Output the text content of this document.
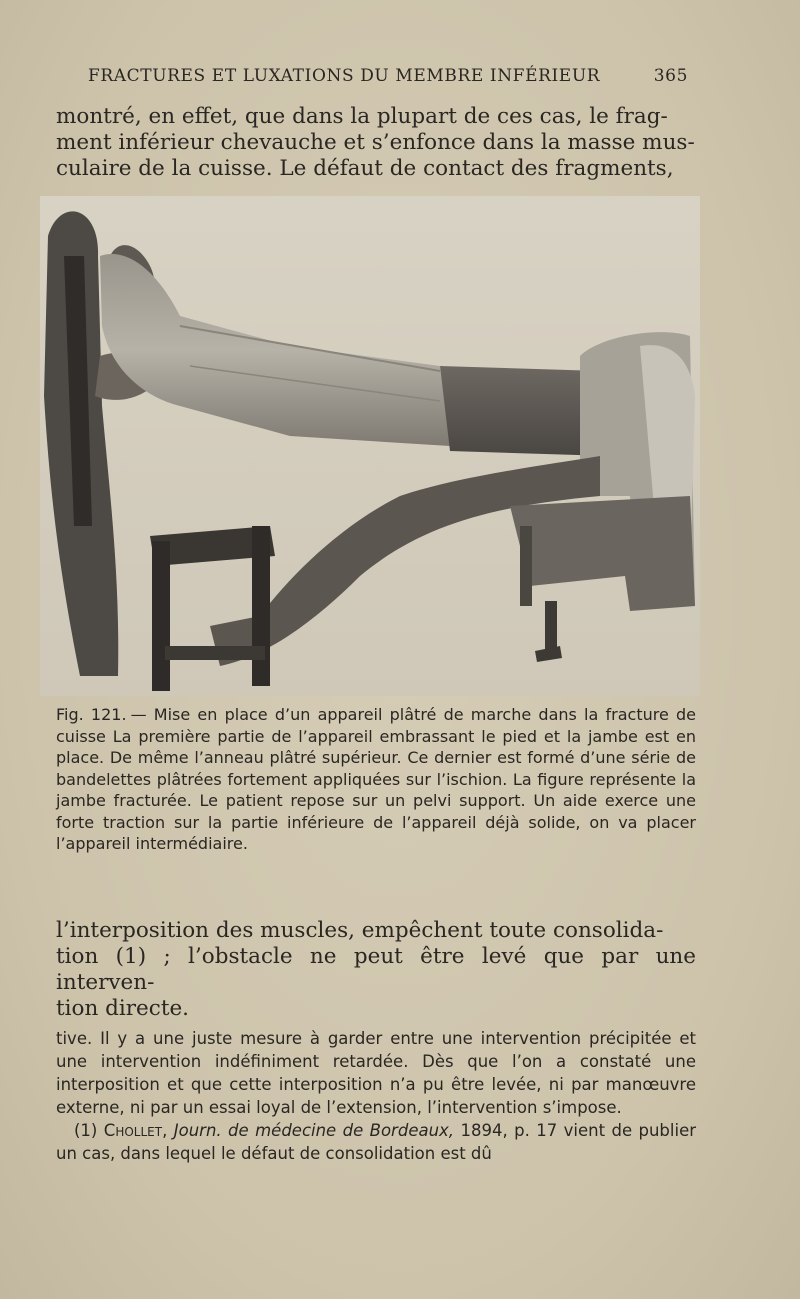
FRACTURES ET LUXATIONS DU MEMBRE INFÉRIEUR	365
montré, en effet, que dans la plupart de ces cas, le frag-
ment inférieur chevauche et s’enfonce dans la masse mus-
culaire de la cuisse. Le défaut de contact des fragments,
Fig. 121. — Mise en place d’un appareil plâtré de marche dans la fracture de cuisse La première partie de l’appareil embrassant le pied et la jambe est en place. De même l’anneau plâtré supérieur. Ce dernier est formé d’une série de bandelettes plâtrées fortement appliquées sur l’ischion. La figure représente la jambe fracturée. Le patient repose sur un pelvi support. Un aide exerce une forte traction sur la partie inférieure de l’appareil déjà solide, on va placer l’appareil intermédiaire.
l’interposition des muscles, empêchent toute consolida-
tion (1) ; l’obstacle ne peut être levé que par une interven-
tion directe.

tive. Il y a une juste mesure à garder entre une intervention précipitée et une intervention indéfiniment retardée. Dès que l’on a constaté une interposition et que cette interposition n’a pu être levée, ni par manœuvre externe, ni par un essai loyal de l’extension, l’intervention s’impose.

(1) Chollet, Journ. de médecine de Bordeaux, 1894, p. 17 vient de publier un cas, dans lequel le défaut de consolidation est dû
